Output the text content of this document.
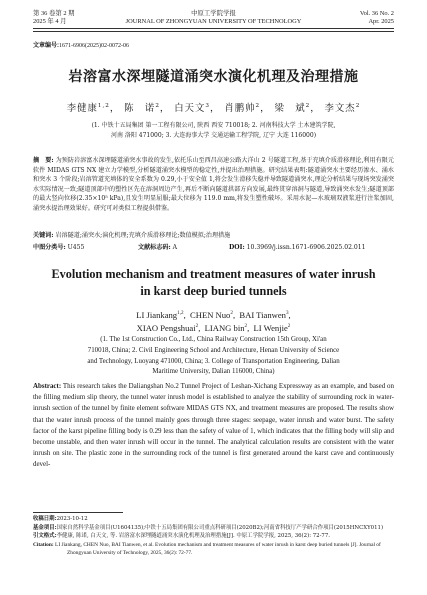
第 36 卷第 2 期
2025 年 4 月
中原工学院学报
JOURNAL OF ZHONGYUAN UNIVERSITY OF TECHNOLOGY
Vol. 36 No. 2
Apr. 2025
文章编号:1671-6906(2025)02-0072-06
岩溶富水深埋隧道涌突水演化机理及治理措施
李健康$^{1,2}$， 陈　诺$^2$， 白天文$^3$， 肖鹏帅$^2$， 梁　斌$^2$， 李文杰$^2$
(1. 中铁十五局集团 第一工程有限公司, 陕西 西安 710018; 2. 河南科技大学 土木建筑学院,
河南 洛阳 471000; 3. 大连海事大学 交通运输工程学院, 辽宁 大连 116000)
摘　要: 为预防岩溶富水深埋隧道涌突水事故的发生,依托乐山至西昌高速公路大洋山 2 号隧道工程,基于充填介质滑移理论,利用有限元软件 MIDAS GTS NX 建立力学模型,分析隧道涌突水模型的稳定性,并提出治理措施。研究结果表明:隧道涌突水主要经历渗水、涌水和突水 3 个阶段;岩溶管道充填体的安全系数为 0.29,小于安全值 1,将会发生滑移失稳并导致隧道涌突水,理论分析结果与现场突发涌突水实际情况一致;隧道顶部中的塑性区先在溶洞周边产生,再后不断向隧道拱部方向发展,最终贯穿溶洞与隧道,导致涌突水发生;隧道顶部的最大竖向位移(2.35×10⁵ kPa),且发生明显屈服;最大位移为 119.0 mm,将发生塑性破坏。采用水泥—水玻璃双液浆进行注浆加固,涌突水提治理效果好。研究可对类似工程提供借鉴。
关键词: 岩溶隧道;涌突水;演化机理;充填介质滑移理论;数值模拟;治理措施
中图分类号: U455	文献标志码: A	DOI: 10.3969/j.issn.1671-6906.2025.02.011
Evolution mechanism and treatment measures of water inrush
in karst deep buried tunnels
LI Jiankang$^{1,2}$,  CHEN Nuo$^2$,  BAI Tianwen$^3$,
XIAO Pengshuai$^2$,  LIANG bin$^2$,  LI Wenjie$^2$
(1. The 1st Construction Co., Ltd., China Railway Construction 15th Group, Xi'an
710018, China; 2. Civil Engineering School and Architecture, Henan University of Science
and Technology, Luoyang 471000, China; 3. College of Transportation Engineering, Dalian
Maritime University, Dalian 116000, China)
Abstract: This research takes the Daliangshan No.2 Tunnel Project of Leshan-Xichang Expressway as an example, and based on the filling medium slip theory, the tunnel water inrush model is established to analyze the stability of surrounding rock in water-inrush section of the tunnel by finite element software MIDAS GTS NX, and treatment measures are proposed. The results show that the water inrush process of the tunnel mainly goes through three stages: seepage, water inrush and water burst. The safety factor of the karst pipeline filling body is 0.29 less than the safety of value of 1, which indicates that the filling body will slip and become unstable, and then water inrush will occur in the tunnel. The analytical calculation results are consistent with the water inrush on site. The plastic zone in the surrounding rock of the tunnel is first generated around the karst cave and continuously devel-
收稿日期:2023-10-12
基金项目:国家自然科学基金项目(U1604135);中铁十五局集团有限公司重点科研项目(2020B2);河南省科技厅产学研合作项目(2015HNCXY011)
引文格式:李健康, 陈诺, 白天文, 等. 岩溶富水深埋隧道涌突水演化机理及治理措施[J]. 中原工学院学报, 2025, 36(2): 72-77.
Citation: LI Jiankang, CHEN Nuo, BAI Tianwen, et al. Evolution mechanism and treatment measures of water inrush in karst deep buried tunnels [J]. Journal of Zhongyuan University of Technology, 2025, 36(2): 72-77.
